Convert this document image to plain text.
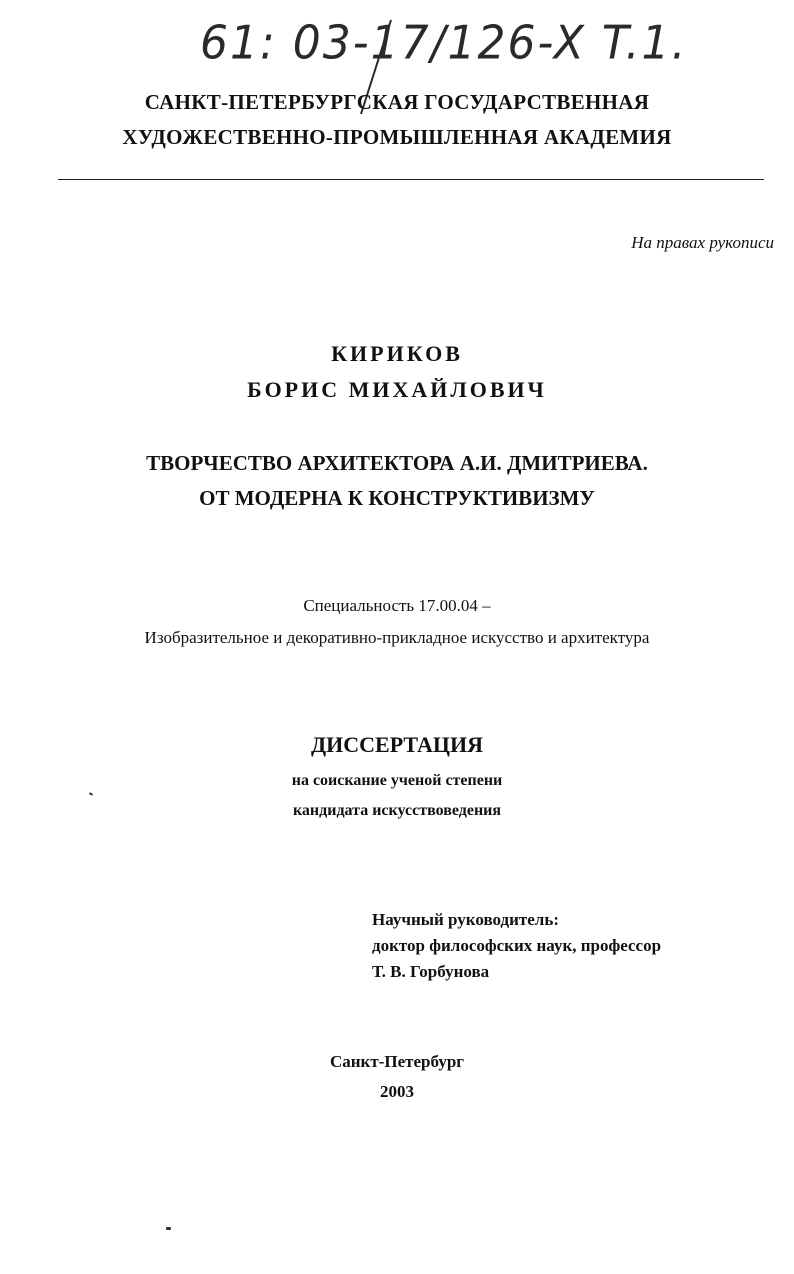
61: 03-17/126-X T.1.
САНКТ-ПЕТЕРБУРГСКАЯ ГОСУДАРСТВЕННАЯ
ХУДОЖЕСТВЕННО-ПРОМЫШЛЕННАЯ АКАДЕМИЯ
На правах рукописи
КИРИКОВ
БОРИС МИХАЙЛОВИЧ
ТВОРЧЕСТВО АРХИТЕКТОРА А.И. ДМИТРИЕВА.
ОТ МОДЕРНА К КОНСТРУКТИВИЗМУ
Специальность 17.00.04 –
Изобразительное и декоративно-прикладное искусство и архитектура
ДИССЕРТАЦИЯ
на соискание ученой степени
кандидата искусствоведения
Научный руководитель:
доктор философских наук, профессор
Т. В. Горбунова
Санкт-Петербург
2003
